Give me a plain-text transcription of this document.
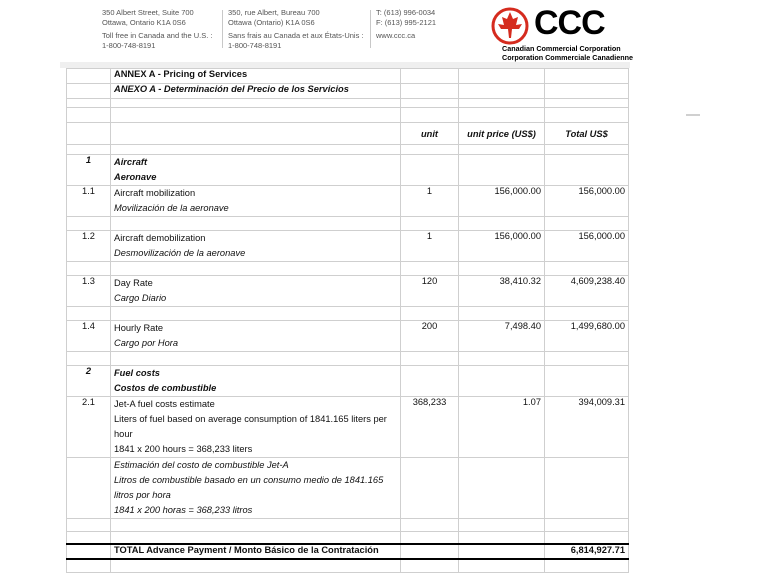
350 Albert Street, Suite 700
Ottawa, Ontario K1A 0S6
Toll free in Canada and the U.S. :
1-800-748-8191
350, rue Albert, Bureau 700
Ottawa (Ontario) K1A 0S6
Sans frais au Canada et aux États-Unis :
1-800-748-8191
T: (613) 996-0034
F: (613) 995-2121
www.ccc.ca	CCC
Canadian Commercial Corporation
Corporation Commerciale Canadienne
	ANNEX A - Pricing of Services			
	ANEXO A - Determinación del Precio de los Servicios			

		unit	unit price (US$)	Total US$

1	Aircraft
Aeronave			

1.1	Aircraft mobilization
Movilización de la aeronave	1	156,000.00	156,000.00

1.2	Aircraft demobilization
Desmovilización de la aeronave	1	156,000.00	156,000.00

1.3	Day Rate
Cargo Diario	120	38,410.32	4,609,238.40

1.4	Hourly Rate
Cargo por Hora	200	7,498.40	1,499,680.00

2	Fuel costs
Costos de combustible			

2.1	Jet-A fuel costs estimate
Liters of fuel based on average consumption of 1841.165 liters per
hour
1841 x 200 hours = 368,233 liters	368,233	1.07	394,009.31

	Estimación del costo de combustible Jet-A
Litros de combustible basado en un consumo medio de 1841.165
litros por hora
1841 x 200 horas = 368,233 litros			

	TOTAL Advance Payment / Monto Básico de la Contratación			6,814,927.71
